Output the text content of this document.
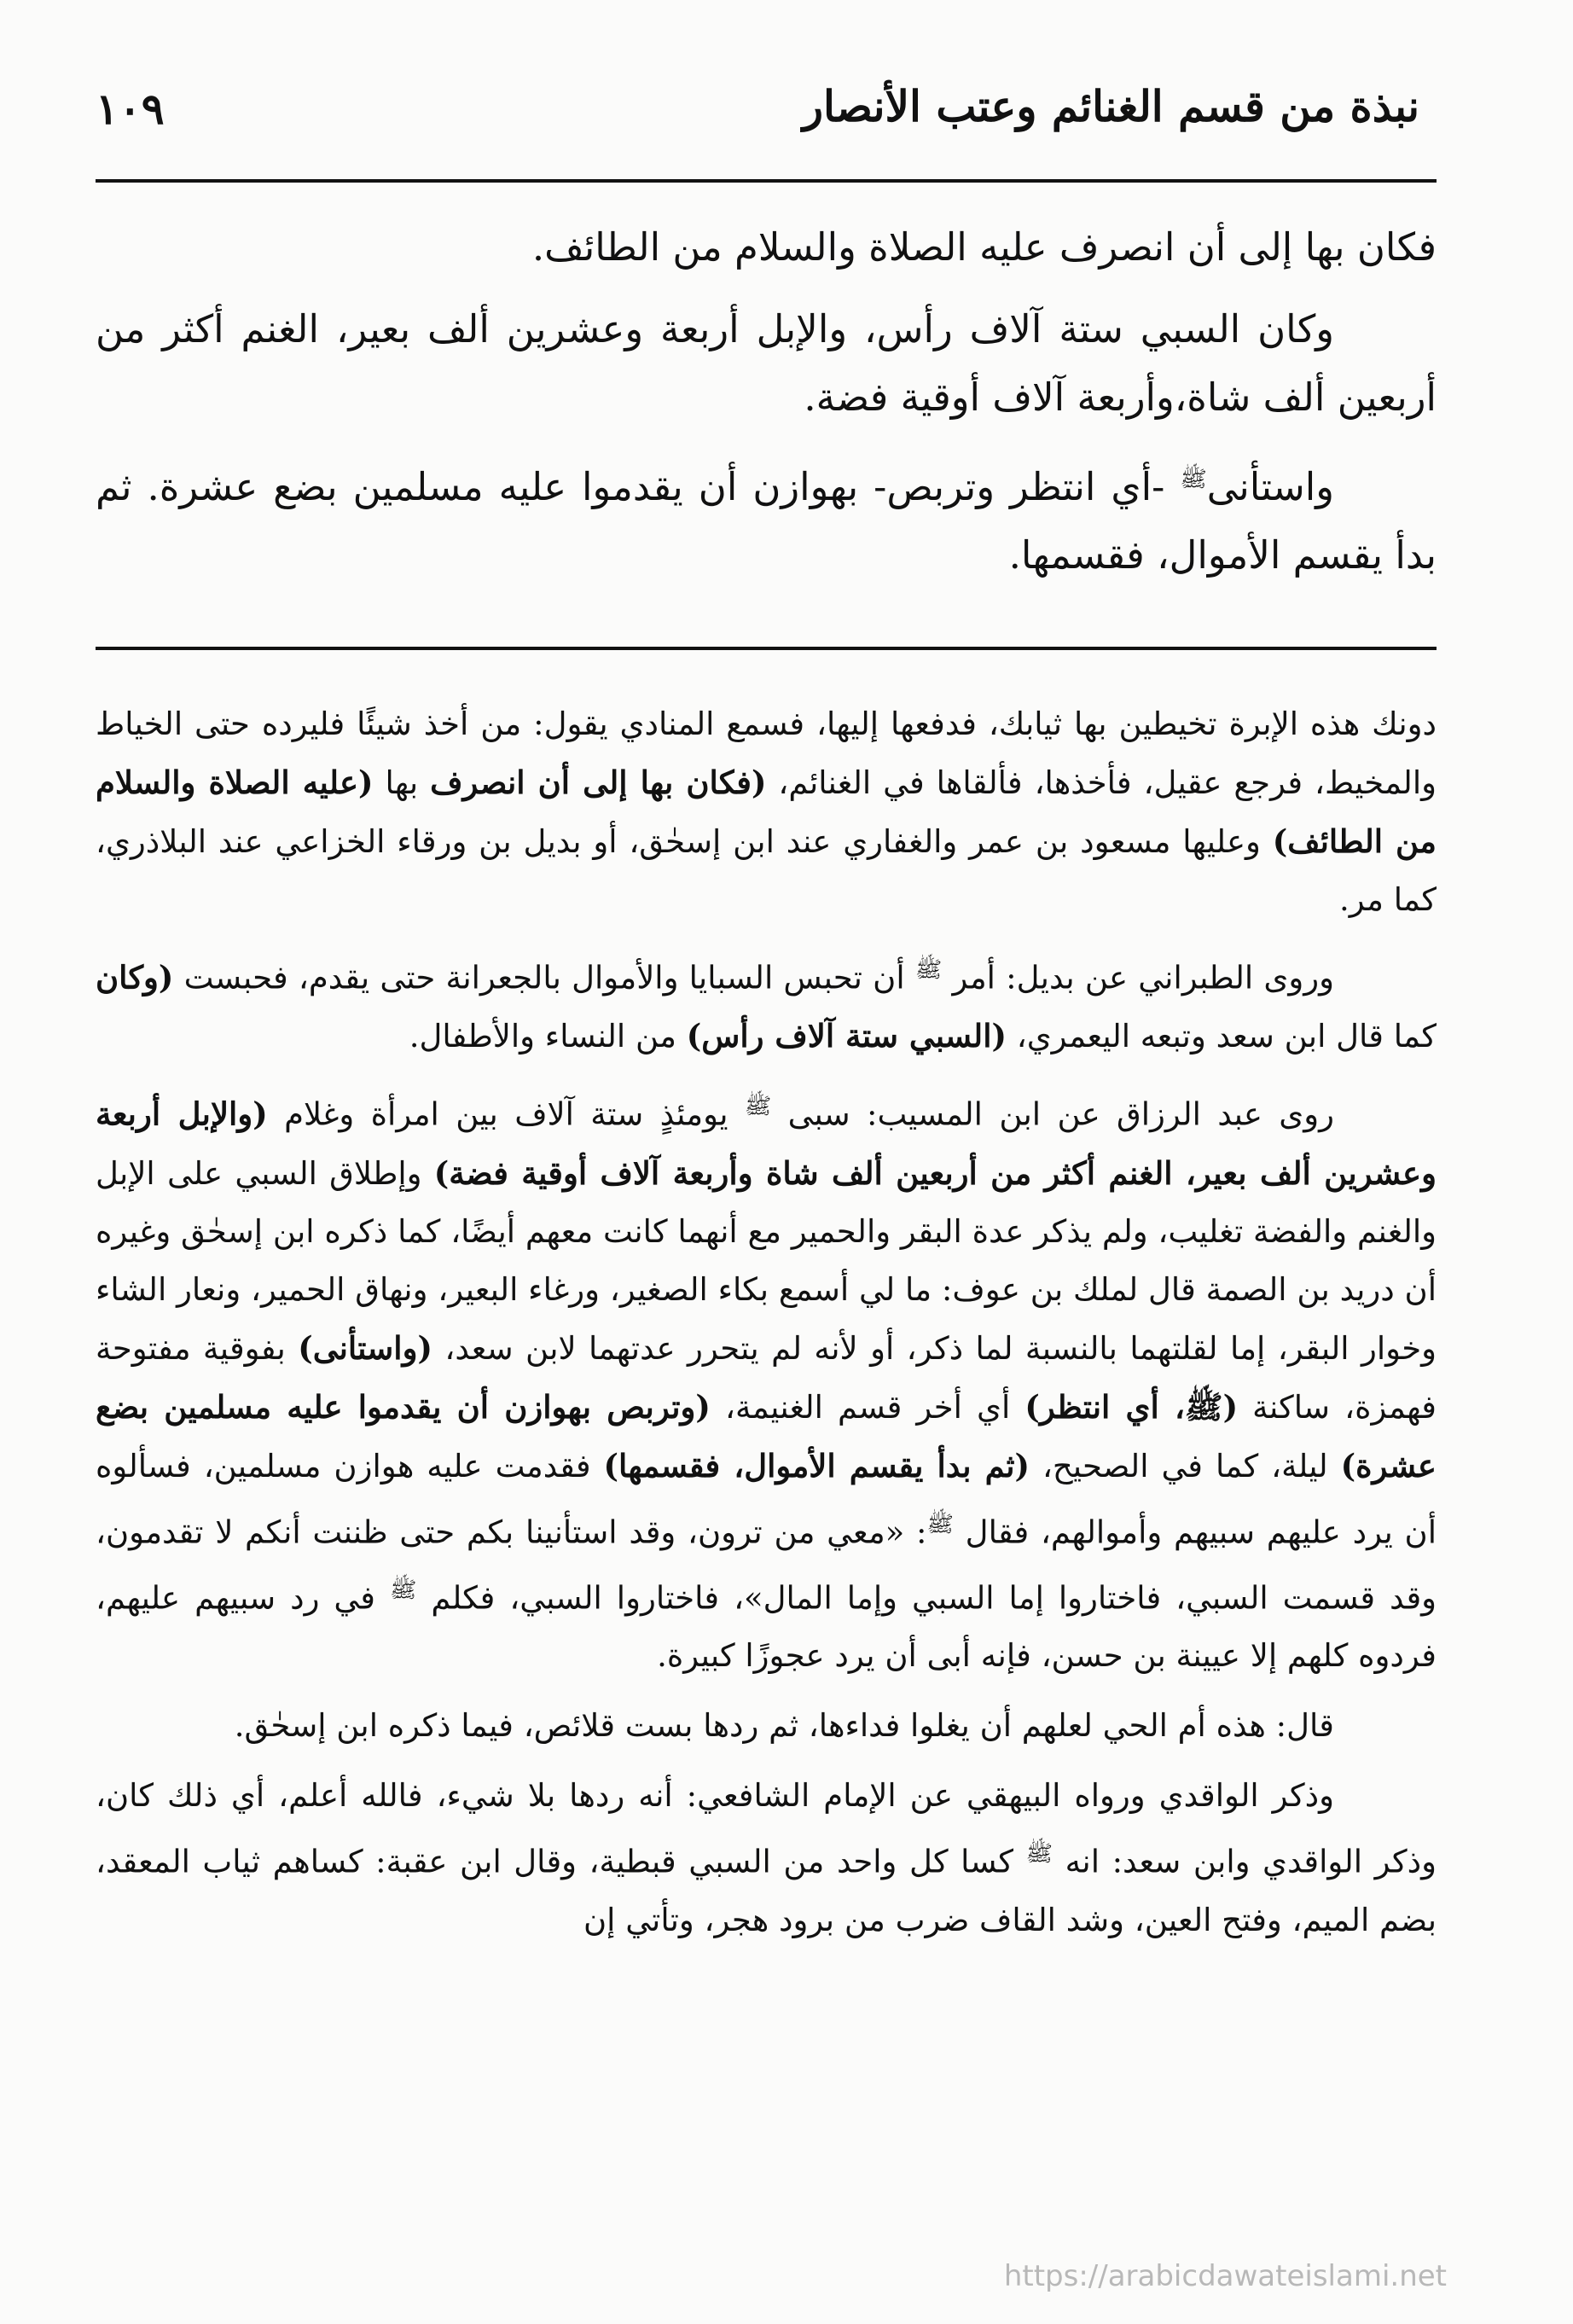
نبذة من قسم الغنائم وعتب الأنصار
١٠٩

فكان بها إلى أن انصرف عليه الصلاة والسلام من الطائف.

وكان السبي ستة آلاف رأس، والإبل أربعة وعشرين ألف بعير، الغنم أكثر من أربعين ألف شاة،وأربعة آلاف أوقية فضة.

واستأنى$^ﷺ$ -أي انتظر وتربص- بهوازن أن يقدموا عليه مسلمين بضع عشرة. ثم بدأ يقسم الأموال، فقسمها.

دونك هذه الإبرة تخيطين بها ثيابك، فدفعها إليها، فسمع المنادي يقول: من أخذ شيئًا فليرده حتى الخياط والمخيط، فرجع عقيل، فأخذها، فألقاها في الغنائم، (فكان بها إلى أن انصرف بها (عليه الصلاة والسلام من الطائف) وعليها مسعود بن عمر والغفاري عند ابن إسحٰق، أو بديل بن ورقاء الخزاعي عند البلاذري، كما مر.

وروى الطبراني عن بديل: أمر $^ﷺ$ أن تحبس السبايا والأموال بالجعرانة حتى يقدم، فحبست (وكان كما قال ابن سعد وتبعه اليعمري، (السبي ستة آلاف رأس) من النساء والأطفال.

روى عبد الرزاق عن ابن المسيب: سبى $^ﷺ$ يومئذٍ ستة آلاف بين امرأة وغلام (والإبل أربعة وعشرين ألف بعير، الغنم أكثر من أربعين ألف شاة وأربعة آلاف أوقية فضة) وإطلاق السبي على الإبل والغنم والفضة تغليب، ولم يذكر عدة البقر والحمير مع أنهما كانت معهم أيضًا، كما ذكره ابن إسحٰق وغيره أن دريد بن الصمة قال لملك بن عوف: ما لي أسمع بكاء الصغير، ورغاء البعير، ونهاق الحمير، ونعار الشاء وخوار البقر، إما لقلتهما بالنسبة لما ذكر، أو لأنه لم يتحرر عدتهما لابن سعد، (واستأنى) بفوقية مفتوحة فهمزة، ساكنة (ﷺ، أي انتظر) أي أخر قسم الغنيمة، (وتربص بهوازن أن يقدموا عليه مسلمين بضع عشرة) ليلة، كما في الصحيح، (ثم بدأ يقسم الأموال، فقسمها) فقدمت عليه هوازن مسلمين، فسألوه أن يرد عليهم سبيهم وأموالهم، فقال $^ﷺ$: «معي من ترون، وقد استأنينا بكم حتى ظننت أنكم لا تقدمون، وقد قسمت السبي، فاختاروا إما السبي وإما المال»، فاختاروا السبي، فكلم $^ﷺ$ في رد سبيهم عليهم، فردوه كلهم إلا عيينة بن حسن، فإنه أبى أن يرد عجوزًا كبيرة.

قال: هذه أم الحي لعلهم أن يغلوا فداءها، ثم ردها بست قلائص، فيما ذكره ابن إسحٰق.

وذكر الواقدي ورواه البيهقي عن الإمام الشافعي: أنه ردها بلا شيء، فالله أعلم، أي ذلك كان، وذكر الواقدي وابن سعد: انه $^ﷺ$ كسا كل واحد من السبي قبطية، وقال ابن عقبة: كساهم ثياب المعقد، بضم الميم، وفتح العين، وشد القاف ضرب من برود هجر، وتأتي إن

https://arabicdawateislami.net
